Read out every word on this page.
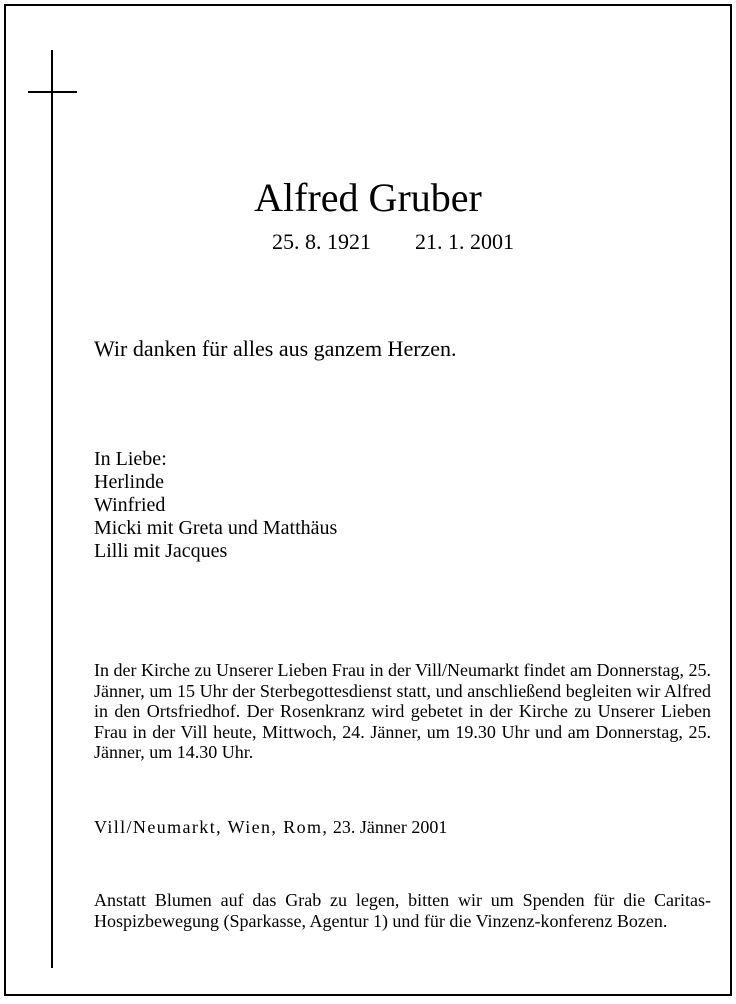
Alfred Gruber
25. 8. 1921 21. 1. 2001
Wir danken für alles aus ganzem Herzen.
In Liebe:
Herlinde
Winfried
Micki mit Greta und Matthäus
Lilli mit Jacques
In der Kirche zu Unserer Lieben Frau in der Vill/Neumarkt findet am Donnerstag, 25. Jänner, um 15 Uhr der Sterbegottesdienst statt, und anschließend begleiten wir Alfred in den Ortsfriedhof. Der Rosenkranz wird gebetet in der Kirche zu Unserer Lieben Frau in der Vill heute, Mittwoch, 24. Jänner, um 19.30 Uhr und am Donnerstag, 25. Jänner, um 14.30 Uhr.
Vill/Neumarkt, Wien, Rom, 23. Jänner 2001
Anstatt Blumen auf das Grab zu legen, bitten wir um Spenden für die Caritas-Hospizbewegung (Sparkasse, Agentur 1) und für die Vinzenz-konferenz Bozen.
